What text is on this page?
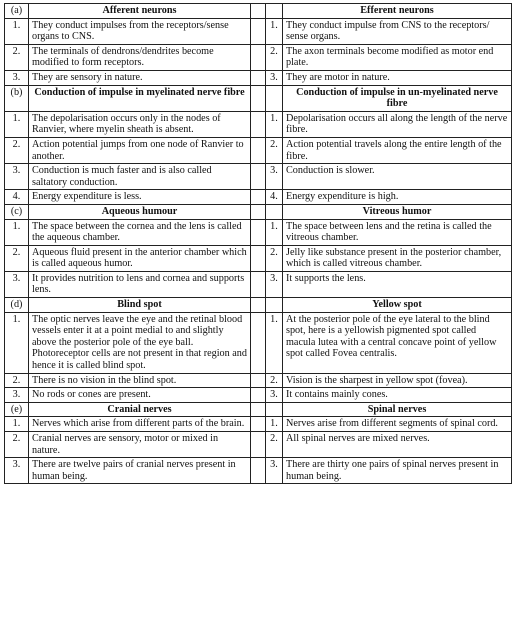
(a)	Afferent neurons			Efferent neurons
1.	They conduct impulses from the receptors/sense organs to CNS.		1.	They conduct impulse from CNS to the receptors/ sense organs.
2.	The terminals of dendrons/dendrites become modified to form receptors.		2.	The axon terminals become modified as motor end plate.
3.	They are sensory in nature.		3.	They are motor in nature.
(b)	Conduction of impulse in myelinated nerve fibre			Conduction of impulse in un-myelinated nerve fibre
1.	The depolarisation occurs only in the nodes of Ranvier, where myelin sheath is absent.		1.	Depolarisation occurs all along the length of the nerve fibre.
2.	Action potential jumps from one node of Ranvier to another.		2.	Action potential travels along the entire length of the fibre.
3.	Conduction is much faster and is also called saltatory conduction.		3.	Conduction is slower.
4.	Energy expenditure is less.		4.	Energy expenditure is high.
(c)	Aqueous humour			Vitreous humor
1.	The space between the cornea and the lens is called the aqueous chamber.		1.	The space between lens and the retina is called the vitreous chamber.
2.	Aqueous fluid present in the anterior chamber which is called aqueous humor.		2.	Jelly like substance present in the posterior chamber, which is called vitreous chamber.
3.	It provides nutrition to lens and cornea and supports lens.		3.	It supports the lens.
(d)	Blind spot			Yellow spot
1.	The optic nerves leave the eye and the retinal blood vessels enter it at a point medial to and slightly above the posterior pole of the eye ball. Photoreceptor cells are not present in that region and hence it is called blind spot.		1.	At the posterior pole of the eye lateral to the blind spot, here is a yellowish pigmented spot called macula lutea with a central concave point of yellow spot called Fovea centralis.
2.	There is no vision in the blind spot.		2.	Vision is the sharpest in yellow spot (fovea).
3.	No rods or cones are present.		3.	It contains mainly cones.
(e)	Cranial nerves			Spinal nerves
1.	Nerves which arise from different parts of the brain.		1.	Nerves arise from different segments of spinal cord.
2.	Cranial nerves are sensory, motor or mixed in nature.		2.	All spinal nerves are mixed nerves.
3.	There are twelve pairs of cranial nerves present in human being.		3.	There are thirty one pairs of spinal nerves present in human being.
